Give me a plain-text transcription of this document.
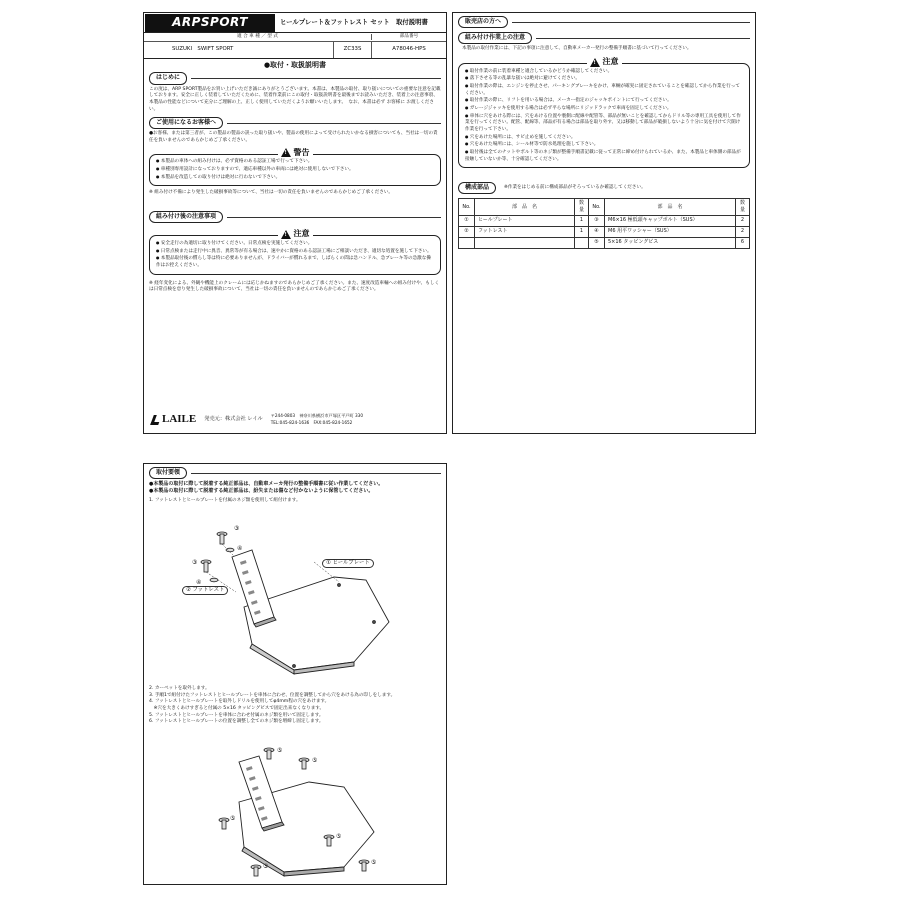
ARPSPORT	ヒールプレート＆フットレスト セット　取付説明書
適 合 車 種 ／ 型 式	部品番号
SUZUKI　SWIFT SPORT	ZC33S	A78046-HPS
●取付・取扱説明書
はじめに
この度は、ARP SPORT製品をお買い上げいただき誠にありがとうございます。本書は、本製品の取付、取り扱いについての重要な注意を記載しております。安全に正しく装着していただくために、装着作業前にこの取付・取扱説明書を最後までお読みいただき、装着上の注意事項、本製品の性能などについて充分にご理解の上、正しく使用していただくようお願いいたします。　なお、本書は必ず お客様に お渡しください。
ご使用になるお客様へ
●お客様、または第三者が、この製品の製品の誤った取り扱いや、製品の使用によって受けられたいかなる損害についても、当社は一切の責任を負いませんのであらかじめご了承ください。
! 警告
● 本製品の車体への組み付けは、必ず資格のある認証工場で行って下さい。
● 車種別専用設計になっておりますので、適応車種以外の車両には絶対に使用しないで下さい。
● 本製品を改造しての取り付けは絶対に行わないで下さい。
※ 組み付け不備により発生した破損事故等について、当社は一切の責任を負いませんのであらかじめご了承ください。
組み付け後の注意事項
! 注意
● 安全走行の為適切に取り付けてください。日常点検を実施してください。
● 日常点検または走行中に異音、異常等が有る場合は、速やかに資格のある認証工場にご相談いただき、適切な処置を施して下さい。
● 本製品取付後の慣らし等は特に必要ありませんが、ドライバーが慣れるまで、しばらくの間は急ハンドル、急ブレーキ等の急激な操作はお控えください。
※ 経年変化による、外観や機能上のクレームには応じかねますのであらかじめご了承ください。また、速度改造車輛への組み付けや、もしくは日常点検を怠り発生した破損事故について、当社は一切の責任を負いませんのであらかじめご了承ください。
LAILE 発売元：株式会社 レイル
〒244-0803　神奈川県横浜市戸塚区平戸町 330
TEL:045-824-1636　FAX:045-824-1652
販売店の方へ
組み付け作業上の注意
本製品の取付作業には、下記の事項に注意して、自動車メーカー発行の整備手順書に基づいて行ってください。
! 注意
● 取付作業の前に装着車種と適合しているかどうか確認してください。
● 落下させる等の乱暴な扱いは絶対に避けてください。
● 取付作業の際は、エンジンを停止させ、パーキングブレーキをかけ、車輌が確実に固定されていることを確認してから作業を行ってください。
● 取付作業の際に、リフトを用いる場合は、メーカー指定のジャッキポイントにて行ってください。
● ガレージジャッキを使用する場合は必ず平らな場所にリジッドラックで車両を固定してください。
● 車体に穴をあける際には、穴をあける位置や裏側に配線や配管等、部品が無いことを確認してからドリル等の専用工具を使用して作業を行ってください。配管、配線等、部品が有る場合は部品を取り外す、又は移動して部品が破損しないよう十分に気を付けて穴開け作業を行って下さい。
● 穴をあけた場所には、サビ止めを施してください。
● 穴をあけた場所には、シール材等で防水処理を施して下さい。
● 取付後は全てのナットやボルト等のネジ類が整備手順書記載に従って正常に締め付けられているか、また、本製品と車体側の部品が接触していないか等、十分確認してください。
構成部品	※作業をはじめる前に構成部品がそろっているか確認してください。
No.	部　品　名	数量	No.	部　品　名	数量
①	ヒールプレート	1	③	M6×16 極低頭キャップボルト（SUS）	2
②	フットレスト	1	④	M6 用平ワッシャー（SUS）	2
			⑤	5×16 タッピングビス	6
取付要領
●本製品の取付に際して脱着する純正部品は、自動車メーカ発行の整備手順書に従い作業してください。
●本製品の取付に際して脱着する純正部品は、紛失または傷など付かないように保管してください。
1. フットレストとヒールプレートを付属のネジ類を使用して組付けます。
③
④
③
④
① ヒールプレート
② フットレスト
2. カーペットを取外します。
3. 手順1で組付けたフットレストとヒールプレートを車体に合わせ、位置を調整してから穴をあける為の印しをします。
4. フットレストとヒールプレートを取外しドリルを使用してφ4mm程の穴をあけます。
　※穴を大きくあけすぎると付属の 5×16 タッピングビスで固定出来なくなります。
5. フットレストとヒールプレートを車体に合わせ付属のネジ類を用いて固定します。
6. フットレストとヒールプレートの位置を調整し全てのネジ類を増締し固定します。
⑤
⑤
⑤
⑤
⑤
⑤
